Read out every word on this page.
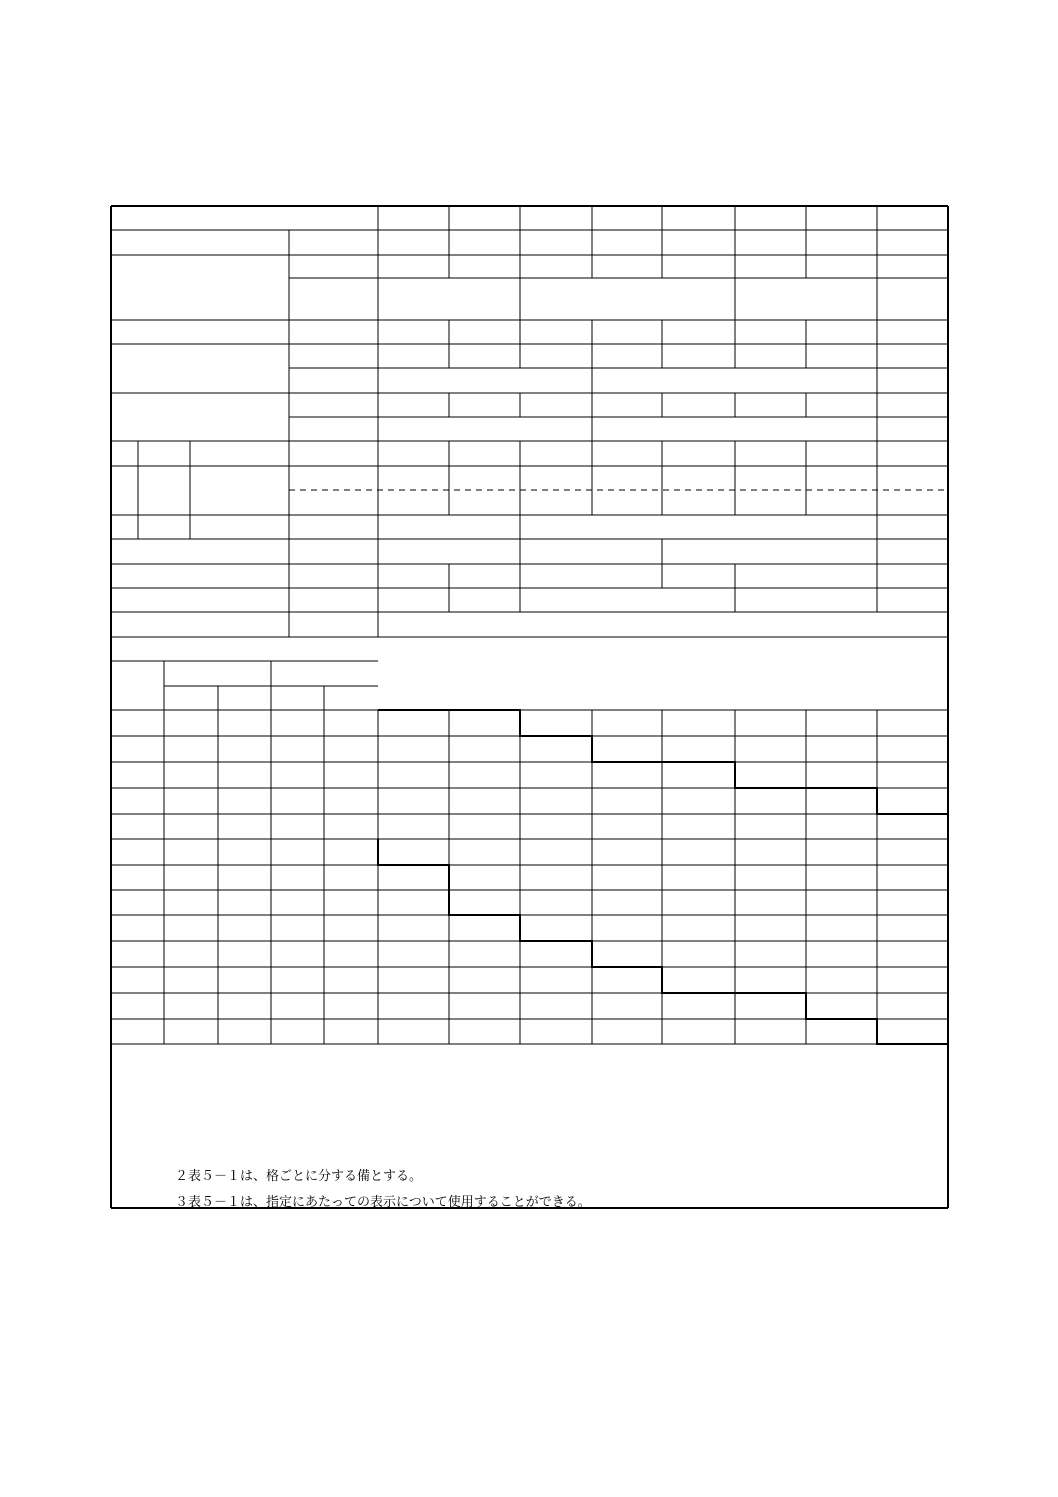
　２表５－１は、格ごとに分する備とする。
　３表５－１は、指定にあたっての表示について使用することができる。
